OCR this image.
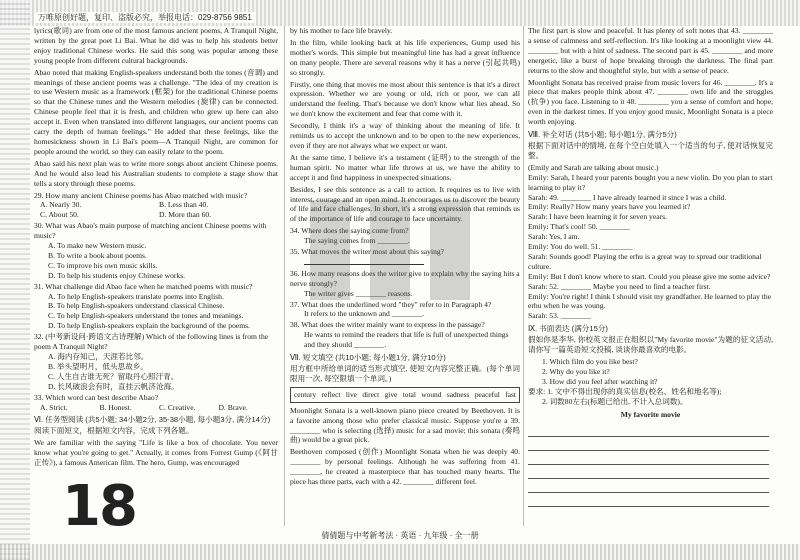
万唯原创好题，复印、盗版必究，举报电话：029-8756 9851

lyrics(歌词) are from one of the most famous ancient poems, A Tranquil Night, written by the great poet Li Bai. What he did was to help his students better enjoy traditional Chinese works. He said this song was popular among these young people from different cultural backgrounds.

Abao noted that making English-speakers understand both the tones (音调) and meanings of these ancient poems was a challenge. "The idea of my creation is to use Western music as a framework (框架) for the traditional Chinese poems so that the Chinese tunes and the Western melodies (旋律) can be connected. Chinese people feel that it is fresh, and children who grew up here can also accept it. Even when translated into different languages, our ancient poems can carry the depth of human feelings." He added that these feelings, like the homesickness shown in Li Bai's poem—A Tranquil Night, are common for people around the world, so they can easily relate to the poem.

Abao said his next plan was to write more songs about ancient Chinese poems. And he would also lead his Australian students to complete a stage show that tells a story through these poems.

29. How many ancient Chinese poems has Abao matched with music?
A. Nearly 30.	B. Less than 40.
C. About 50.	D. More than 60.
30. What was Abao's main purpose of matching ancient Chinese poems with music?
A. To make new Western music.
B. To write a book about poems.
C. To improve his own music skills.
D. To help his students enjoy Chinese works.
31. What challenge did Abao face when he matched poems with music?
A. To help English-speakers translate poems into English.
B. To help English-speakers understand classical Chinese.
C. To help English-speakers understand the tones and meanings.
D. To help English-speakers explain the background of the poems.
32. (中考新设问·跨语文古诗理解) Which of the following lines is from the poem A Tranquil Night?
A. 海内存知己，天涯若比邻。
B. 举头望明月，低头思故乡。
C. 人生自古谁无死？留取丹心照汗青。
D. 长风破浪会有时，直挂云帆济沧海。
33. Which word can best describe Abao?
A. Strict.	B. Honest.	C. Creative.	D. Brave.
Ⅵ. 任务型阅读 (共5小题; 34小题2分, 35-38小题, 每小题3分, 满分14分)

阅读下面短文，根据短文内容，完成下列各题。

We are familiar with the saying "Life is like a box of chocolate. You never know what you're going to get." Actually, it comes from Forrest Gump (《阿甘正传》), a famous American film. The hero, Gump, was encouraged

by his mother to face life bravely.

In the film, while looking back at his life experiences, Gump used his mother's words. This simple but meaningful line has had a great influence on many people. There are several reasons why it has a nerve (引起共鸣) so strongly.

Firstly, one thing that moves me most about this sentence is that it's a direct expression. Whether we are young or old, rich or poor, we can all understand the feeling. That's because we don't know what lies ahead. So we don't know the excitement and fear that come with it.

Secondly, I think it's a way of thinking about the meaning of life. It reminds us to accept the unknown and to be open to the new experiences, even if they are not always what we expect or want.

At the same time, I believe it's a testament (证明) to the strength of the human spirit. No matter what life throws at us, we have the ability to accept it and find happiness in unexpected situations.

Besides, I see this sentence as a call to action. It requires us to live with interest, courage and an open mind. It encourages us to discover the beauty of life and face challenges. In short, it's a strong expression that reminds us of the importance of life and courage to face uncertainty.

34. Where does the saying come from?
The saying comes from ________.
35. What moves the writer most about this saying?
36. How many reasons does the writer give to explain why the saying hits a nerve strongly?
The writer gives ________ reasons.
37. What does the underlined word "they" refer to in Paragraph 4?
It refers to the unknown and ________.
38. What does the writer mainly want to express in the passage?
He wants to remind the readers that life is full of unexpected things and they should ________.
Ⅶ. 短文填空 (共10小题; 每小题1分, 满分10分)

用方框中所给单词的适当形式填空, 使短文内容完整正确。(每个单词限用一次, 每空限填一个单词。)

century reflect live direct give total wound sadness peaceful fast

Moonlight Sonata is a well-known piano piece created by Beethoven. It is a favorite among those who prefer classical music. Suppose you're a 39. ________ who is selecting (选择) music for a sad movie; this sonata (奏鸣曲) would be a great pick.

Beethoven composed (创作) Moonlight Sonata when he was deeply 40. ________ by personal feelings. Although he was suffering from 41. ________, he created a masterpiece that has touched many hearts. The piece has three parts, each with a 42. ________ different feel.

The first part is slow and peaceful. It has plenty of soft notes that 43. ________ a sense of calmness and self-reflection. It's like looking at a moonlight view 44. ________ but with a hint of sadness. The second part is 45. ________ and more energetic, like a burst of hope breaking through the darkness. The final part returns to the slow and thoughtful style, but with a sense of peace.

Moonlight Sonata has received praise from music lovers for 46. ________. It's a piece that makes people think about 47. ________ own life and the struggles (抗争) you face. Listening to it 48. ________ you a sense of comfort and hope, even in the darkest times. If you enjoy good music, Moonlight Sonata is a piece worth enjoying.

Ⅷ. 补全对话 (共5小题; 每小题1分, 满分5分)

根据下面对话中的情境, 在每个空白处填入一个适当的句子, 使对话恢复完整。

(Emily and Sarah are talking about music.)
Emily: Sarah, I heard your parents bought you a new violin. Do you plan to start learning to play it?
Sarah: 49. ________ I have already learned it since I was a child.
Emily: Really? How many years have you learned it?
Sarah: I have been learning it for seven years.
Emily: That's cool! 50. ________
Sarah: Yes, I am.
Emily: You do well. 51. ________
Sarah: Sounds good! Playing the erhu is a great way to spread our traditional culture.
Emily: But I don't know where to start. Could you please give me some advice?
Sarah: 52. ________ Maybe you need to find a teacher first.
Emily: You're right! I think I should visit my grandfather. He learned to play the erhu when he was young.
Sarah: 53. ________
Ⅸ. 书面表达 (满分15分)

假如你是李华, 你校英文报正在组织以"My favorite movie"为题的征文活动, 请你写一篇英语短文投稿, 谈谈你最喜欢的电影。

1. Which film do you like best?
2. Why do you like it?
3. How did you feel after watching it?
要求: 1. 文中不得出现你的真实信息(校名、姓名和地名等);
2. 词数80左右(标题已给出, 不计入总词数)。
My favorite movie
18	倩倩题与中考新考法 · 英语 · 九年级 · 全一册
